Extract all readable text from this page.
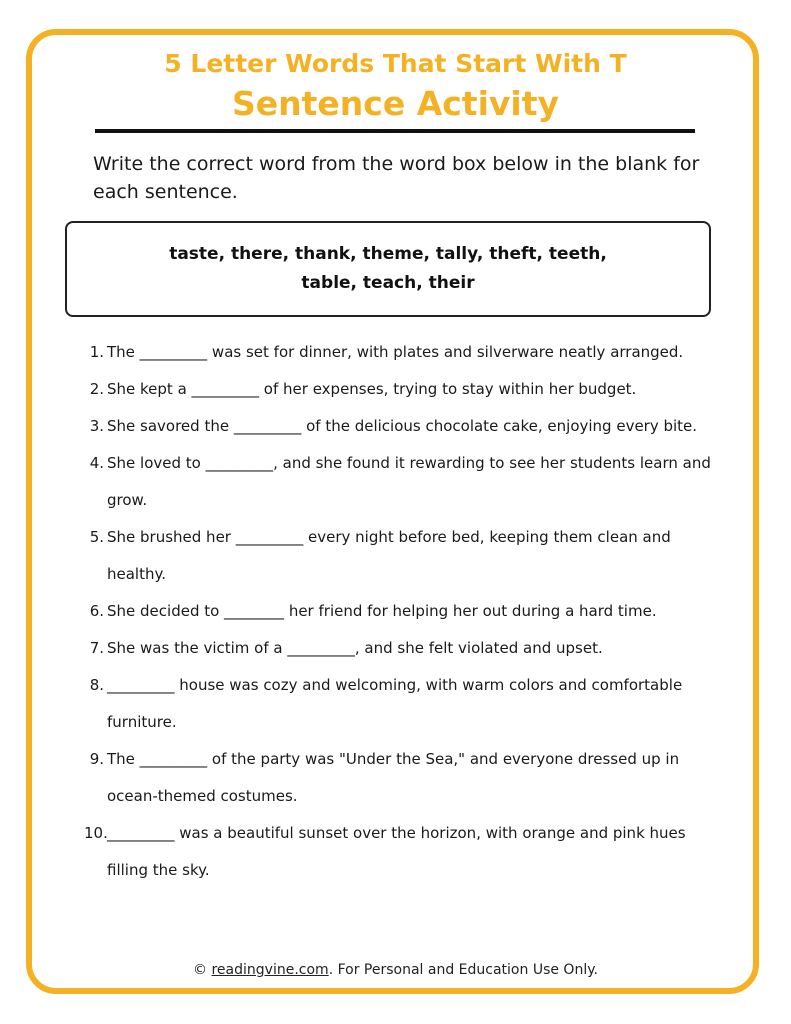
5 Letter Words That Start With T
Sentence Activity
Write the correct word from the word box below in the blank for each sentence.
taste, there, thank, theme, tally, theft, teeth,
table, teach, their
1. The _________ was set for dinner, with plates and silverware neatly arranged.
2. She kept a _________ of her expenses, trying to stay within her budget.
3. She savored the _________ of the delicious chocolate cake, enjoying every bite.
4. She loved to _________, and she found it rewarding to see her students learn and grow.
5. She brushed her _________ every night before bed, keeping them clean and healthy.
6. She decided to ________ her friend for helping her out during a hard time.
7. She was the victim of a _________, and she felt violated and upset.
8. _________ house was cozy and welcoming, with warm colors and comfortable furniture.
9. The _________ of the party was "Under the Sea," and everyone dressed up in ocean-themed costumes.
10. _________ was a beautiful sunset over the horizon, with orange and pink hues filling the sky.
© readingvine.com. For Personal and Education Use Only.
